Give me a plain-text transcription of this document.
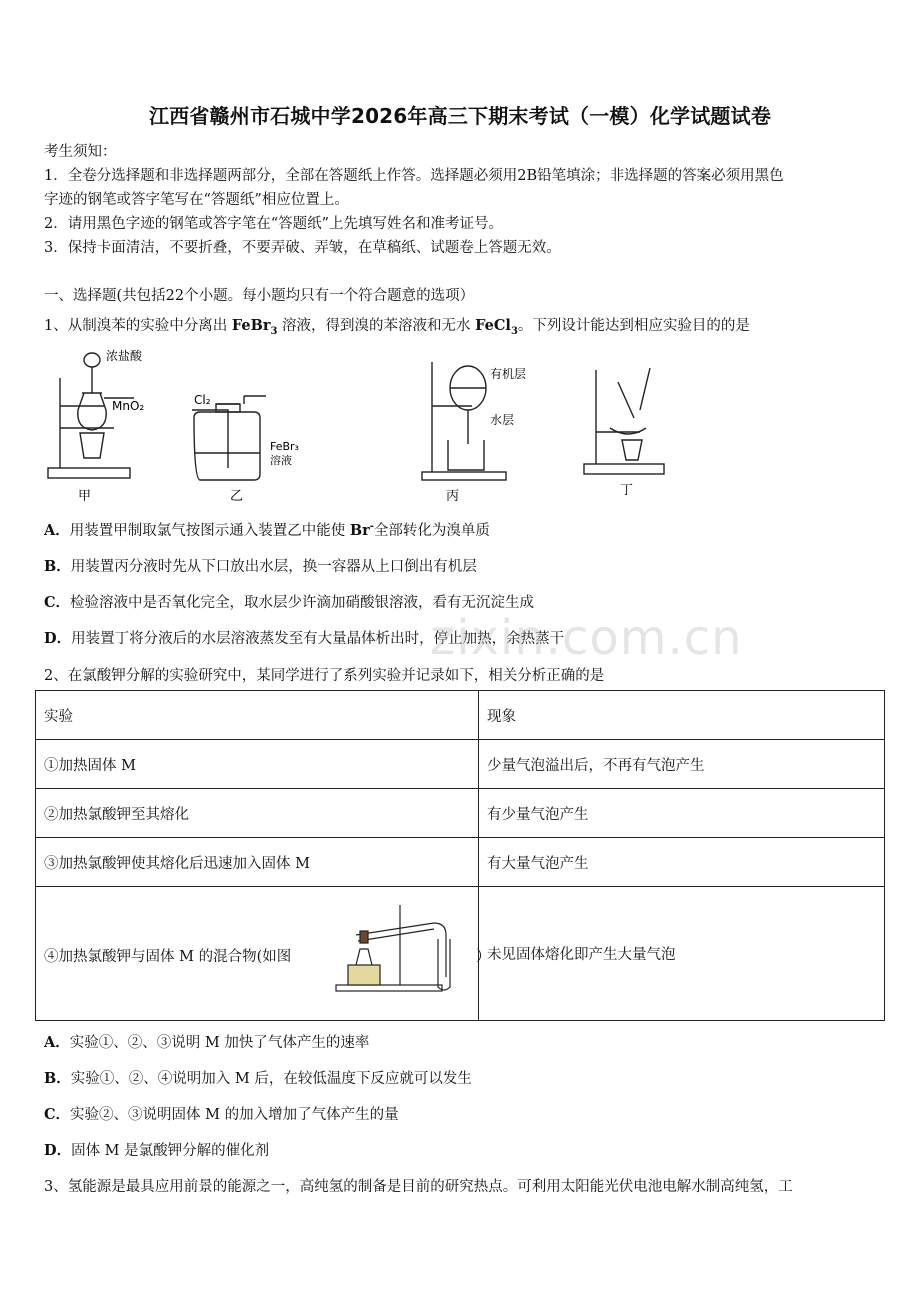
江西省赣州市石城中学2026年高三下期末考试（一模）化学试题试卷
考生须知：
1．全卷分选择题和非选择题两部分，全部在答题纸上作答。选择题必须用2B铅笔填涂；非选择题的答案必须用黑色
字迹的钢笔或答字笔写在“答题纸”相应位置上。
2．请用黑色字迹的钢笔或答字笔在“答题纸”上先填写姓名和准考证号。
3．保持卡面清洁，不要折叠，不要弄破、弄皱，在草稿纸、试题卷上答题无效。
一、选择题(共包括22个小题。每小题均只有一个符合题意的选项）
1、从制溴苯的实验中分离出 FeBr$_3$ 溶液，得到溴的苯溶液和无水 FeCl$_3$。下列设计能达到相应实验目的的是
浓盐酸
MnO₂
甲
Cl₂
FeBr₃
溶液
乙
有机层
水层
丙	丁
A．用装置甲制取氯气按图示通入装置乙中能使 Br-全部转化为溴单质
B．用装置丙分液时先从下口放出水层，换一容器从上口倒出有机层
C．检验溶液中是否氧化完全，取水层少许滴加硝酸银溶液，看有无沉淀生成
D．用装置丁将分液后的水层溶液蒸发至有大量晶体析出时，停止加热，余热蒸干
zixin.com.cn
2、在氯酸钾分解的实验研究中，某同学进行了系列实验并记录如下，相关分析正确的是
实验	现象
①加热固体 M	少量气泡溢出后，不再有气泡产生
②加热氯酸钾至其熔化	有少量气泡产生
③加热氯酸钾使其熔化后迅速加入固体 M	有大量气泡产生

④加热氯酸钾与固体 M 的混合物(如图 ）	未见固体熔化即产生大量气泡
A．实验①、②、③说明 M 加快了气体产生的速率
B．实验①、②、④说明加入 M 后，在较低温度下反应就可以发生
C．实验②、③说明固体 M 的加入增加了气体产生的量
D．固体 M 是氯酸钾分解的催化剂
3、氢能源是最具应用前景的能源之一，高纯氢的制备是目前的研究热点。可利用太阳能光伏电池电解水制高纯氢，工
